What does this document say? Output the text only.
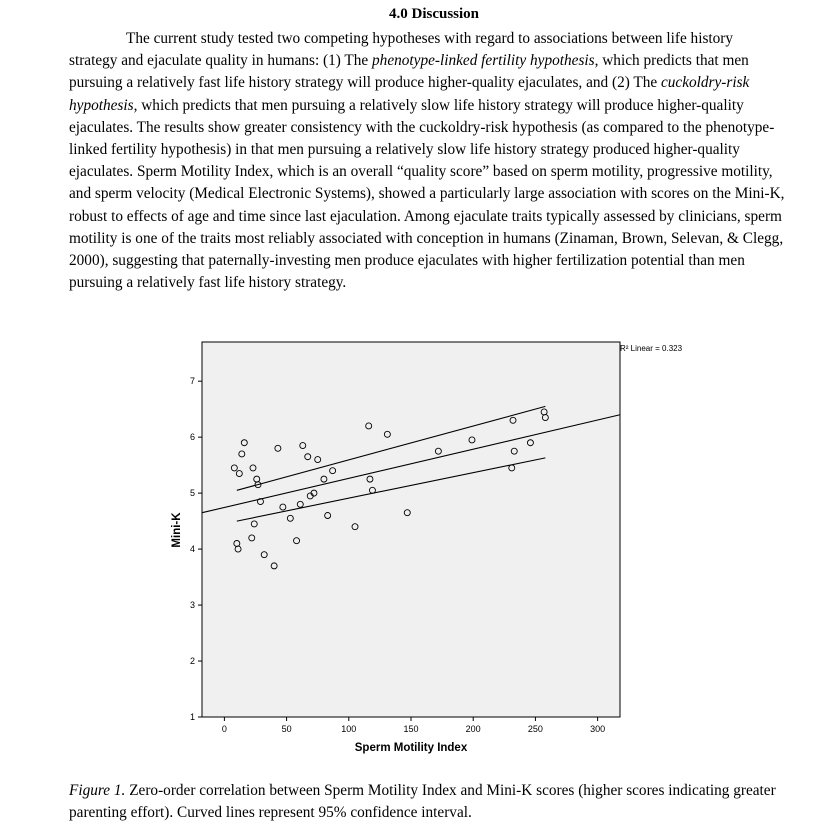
4.0 Discussion

The current study tested two competing hypotheses with regard to associations between life history strategy and ejaculate quality in humans: (1) The phenotype-linked fertility hypothesis, which predicts that men pursuing a relatively fast life history strategy will produce higher-quality ejaculates, and (2) The cuckoldry-risk hypothesis, which predicts that men pursuing a relatively slow life history strategy will produce higher-quality ejaculates. The results show greater consistency with the cuckoldry-risk hypothesis (as compared to the phenotype-linked fertility hypothesis) in that men pursuing a relatively slow life history strategy produced higher-quality ejaculates. Sperm Motility Index, which is an overall “quality score” based on sperm motility, progressive motility, and sperm velocity (Medical Electronic Systems), showed a particularly large association with scores on the Mini-K, robust to effects of age and time since last ejaculation. Among ejaculate traits typically assessed by clinicians, sperm motility is one of the traits most reliably associated with conception in humans (Zinaman, Brown, Selevan, & Clegg, 2000), suggesting that paternally-investing men produce ejaculates with higher fertilization potential than men pursuing a relatively fast life history strategy.

0	50	100	150	200	250	300
1
2
3
4
5
6
7
R² Linear = 0.323
Sperm Motility Index
Mini-K

Figure 1. Zero-order correlation between Sperm Motility Index and Mini-K scores (higher scores indicating greater parenting effort). Curved lines represent 95% confidence interval.
